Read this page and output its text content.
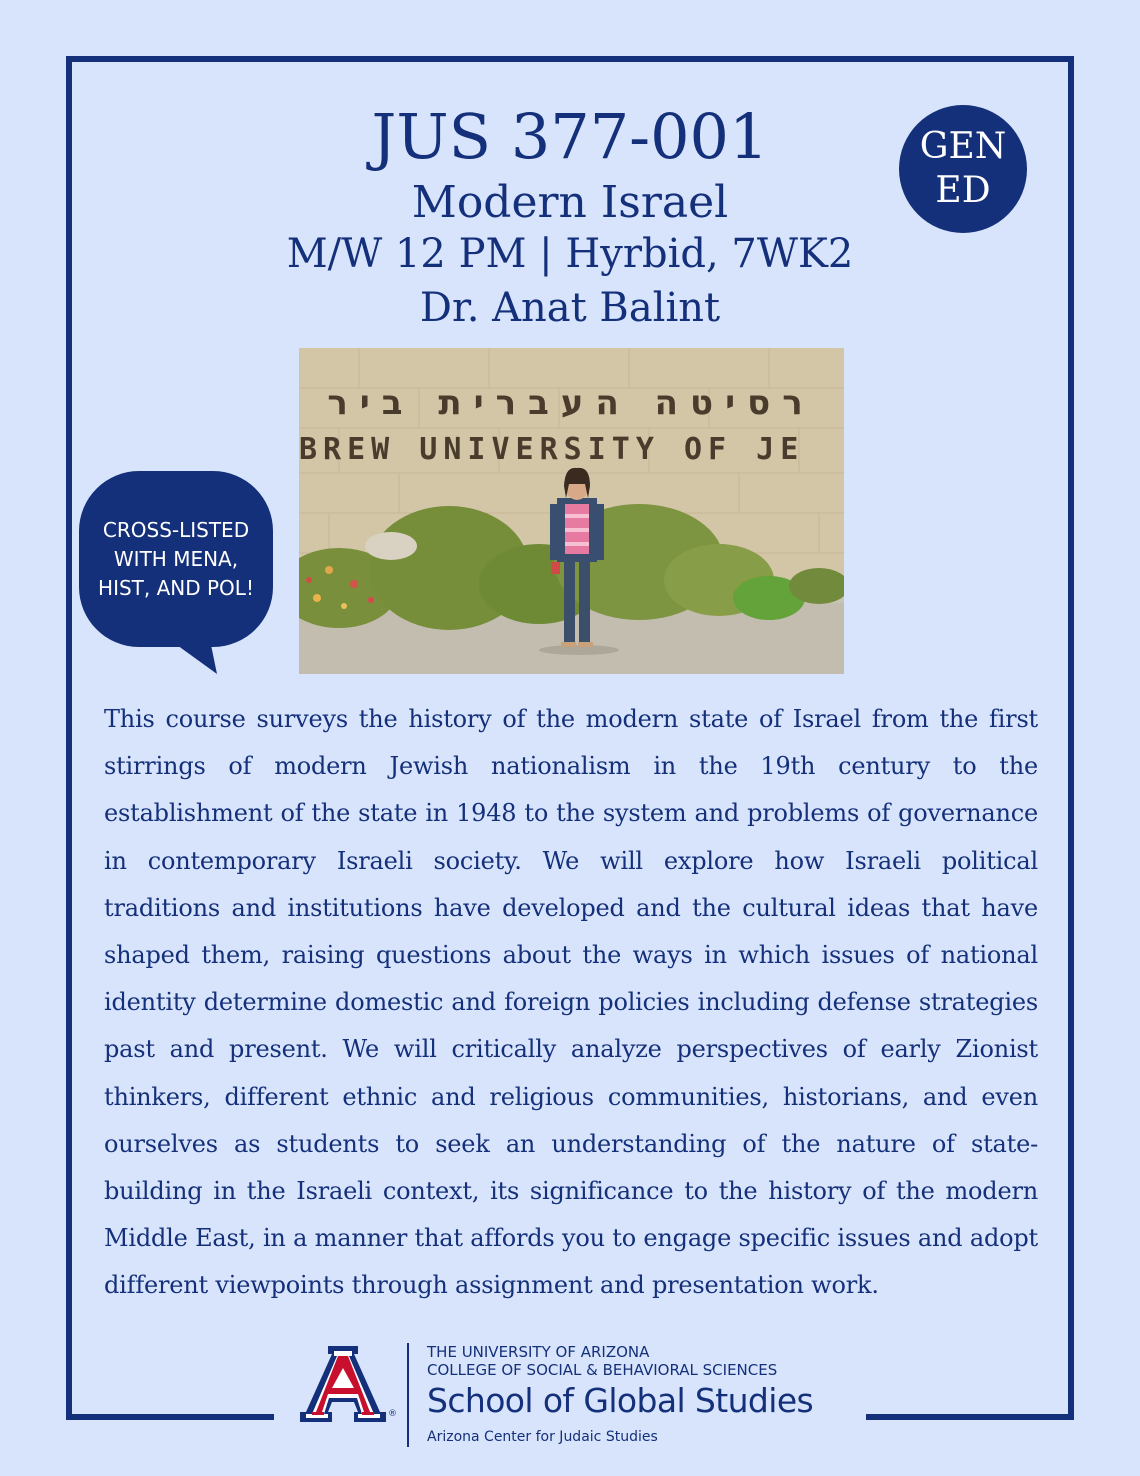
JUS 377-001
Modern Israel
M/W 12 PM | Hyrbid, 7WK2
Dr. Anat Balint
GEN
ED
רסיטה העברית ביר
BREW UNIVERSITY OF JE
CROSS-LISTED
WITH MENA,
HIST, AND POL!

This course surveys the history of the modern state of Israel from the first stirrings of modern Jewish nationalism in the 19th century to the establishment of the state in 1948 to the system and problems of governance in contemporary Israeli society. We will explore how Israeli political traditions and institutions have developed and the cultural ideas that have shaped them, raising questions about the ways in which issues of national identity determine domestic and foreign policies including defense strategies past and present. We will critically analyze perspectives of early Zionist thinkers, different ethnic and religious communities, historians, and even ourselves as students to seek an understanding of the nature of state-building in the Israeli context, its significance to the history of the modern Middle East, in a manner that affords you to engage specific issues and adopt different viewpoints through assignment and presentation work.

®
THE UNIVERSITY OF ARIZONA
COLLEGE OF SOCIAL & BEHAVIORAL SCIENCES
School of Global Studies
Arizona Center for Judaic Studies
